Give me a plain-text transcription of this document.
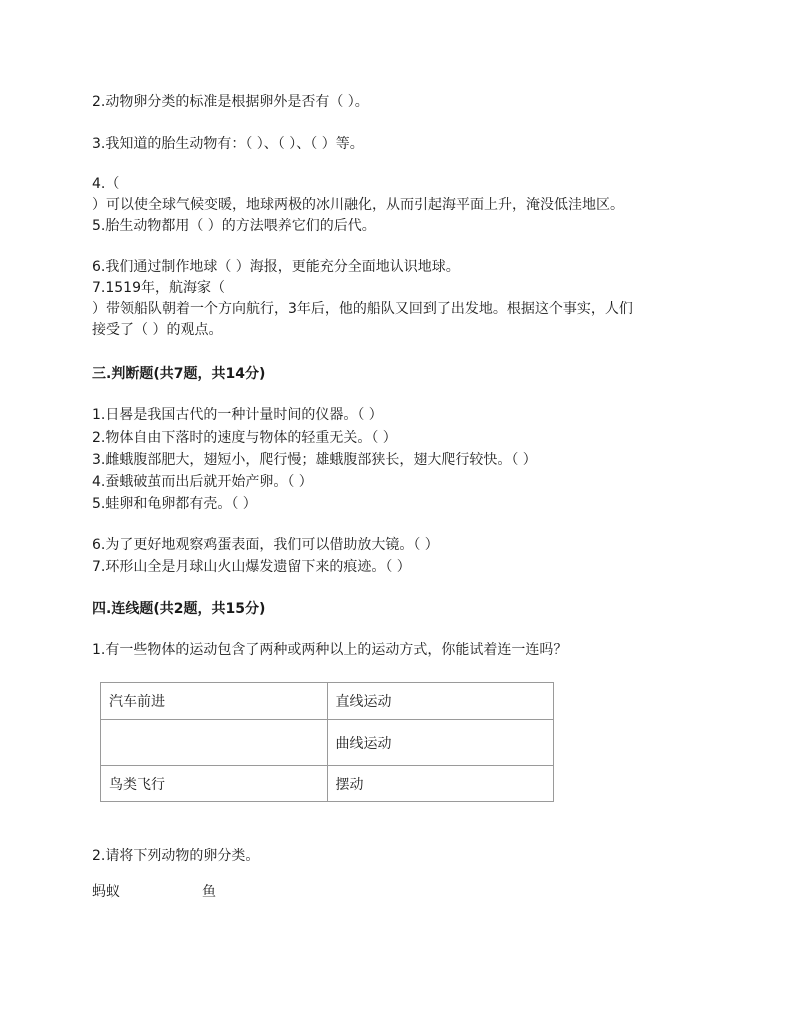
2.动物卵分类的标准是根据卵外是否有（ ）。
3.我知道的胎生动物有：（ ）、（ ）、（ ）等。
4.（
）可以使全球气候变暖，地球两极的冰川融化，从而引起海平面上升，淹没低洼地区。
5.胎生动物都用（ ）的方法喂养它们的后代。
6.我们通过制作地球（ ）海报，更能充分全面地认识地球。
7.1519年，航海家（
）带领船队朝着一个方向航行，3年后，他的船队又回到了出发地。根据这个事实，人们
接受了（ ）的观点。
三.判断题(共7题，共14分)
1.日晷是我国古代的一种计量时间的仪器。（ ）
2.物体自由下落时的速度与物体的轻重无关。（ ）
3.雌蛾腹部肥大，翅短小，爬行慢；雄蛾腹部狭长，翅大爬行较快。（ ）
4.蚕蛾破茧而出后就开始产卵。（ ）
5.蛙卵和龟卵都有壳。（ ）
6.为了更好地观察鸡蛋表面，我们可以借助放大镜。（ ）
7.环形山全是月球山火山爆发遗留下来的痕迹。（ ）
四.连线题(共2题，共15分)
1.有一些物体的运动包含了两种或两种以上的运动方式，你能试着连一连吗？
汽车前进	直线运动
	曲线运动
鸟类飞行	摆动
2.请将下列动物的卵分类。
蚂蚁	鱼
